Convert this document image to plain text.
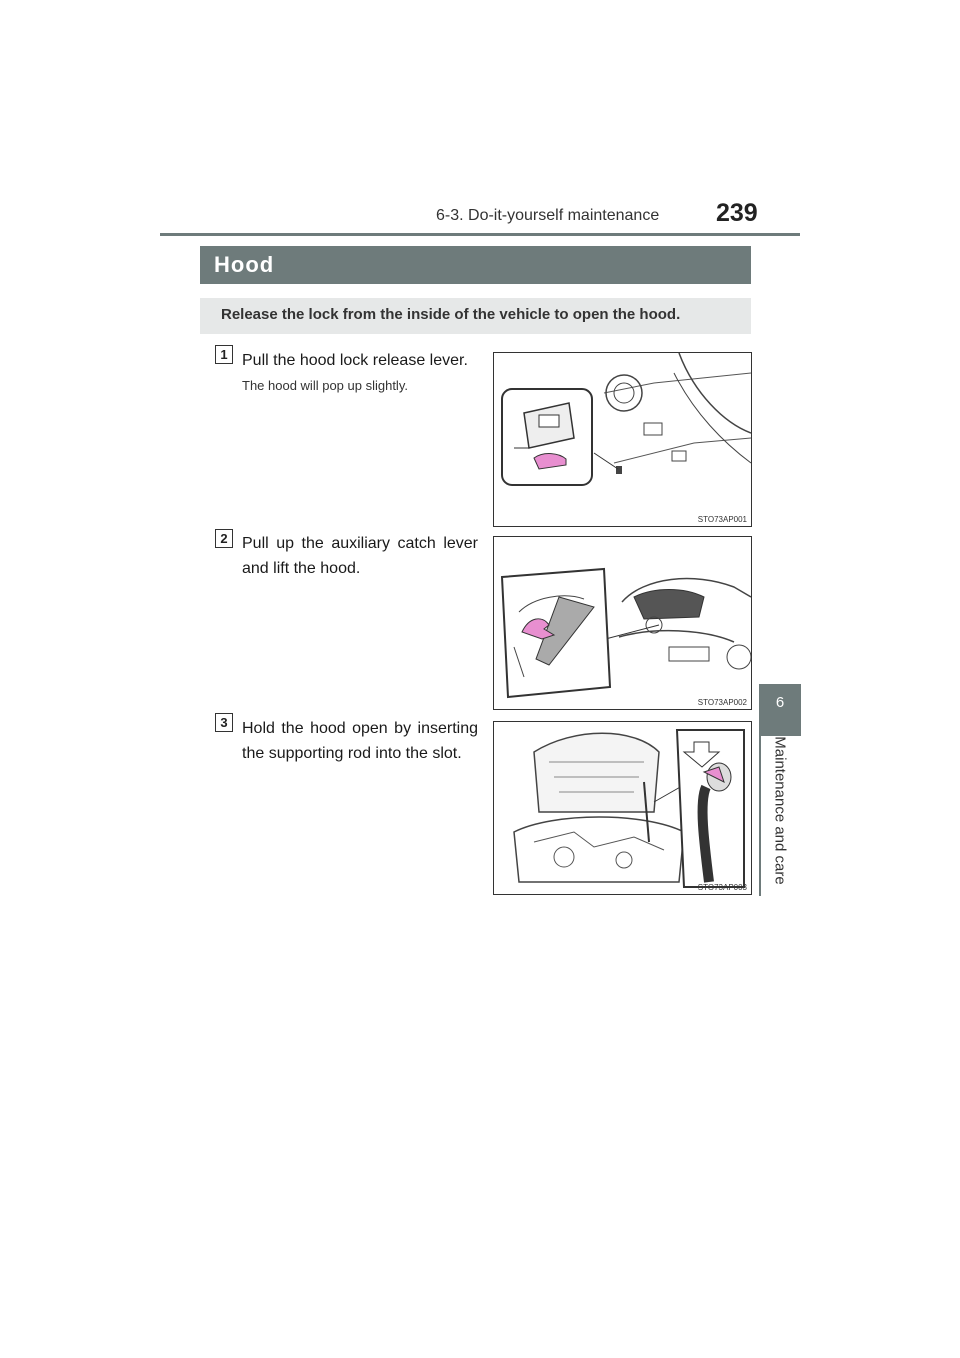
6-3. Do-it-yourself maintenance 239
6
Maintenance and care
Hood
Release the lock from the inside of the vehicle to open the hood.
1 Pull the hood lock release lever.
The hood will pop up slightly.
STO73AP001
2 Pull up the auxiliary catch lever and lift the hood.
STO73AP002
3 Hold the hood open by inserting the supporting rod into the slot.
STO73AP003
